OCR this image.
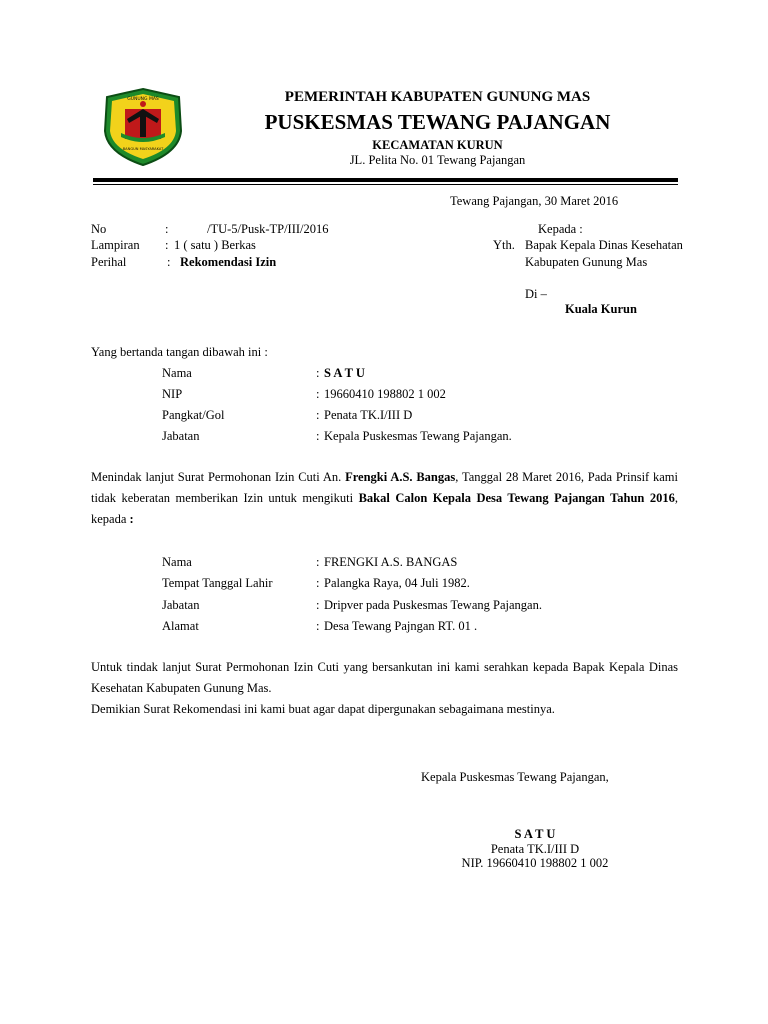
GUNUNG MAS
BANGUN MASYARAKAT
PEMERINTAH KABUPATEN GUNUNG MAS
PUSKESMAS TEWANG PAJANGAN
KECAMATAN KURUN
JL. Pelita No. 01 Tewang Pajangan
Tewang Pajangan, 30 Maret 2016
No	:	/TU-5/Pusk-TP/III/2016
Lampiran : 1 ( satu ) Berkas
Perihal	: Rekomendasi Izin
Kepada :
Yth. Bapak Kepala Dinas Kesehatan
Kabupaten Gunung Mas
Di –
Kuala Kurun
Yang bertanda tangan dibawah ini :
Nama	: S A T U
NIP	: 19660410 198802 1 002
Pangkat/Gol	: Penata TK.I/III D
Jabatan	: Kepala Puskesmas Tewang Pajangan.
Menindak lanjut Surat Permohonan Izin Cuti An. Frengki A.S. Bangas, Tanggal 28 Maret 2016, Pada Prinsif kami tidak keberatan memberikan Izin untuk mengikuti Bakal Calon Kepala Desa Tewang Pajangan Tahun 2016, kepada :
Nama	: FRENGKI A.S. BANGAS
Tempat Tanggal Lahir	: Palangka Raya, 04 Juli 1982.
Jabatan	: Dripver pada Puskesmas Tewang Pajangan.
Alamat	: Desa Tewang Pajngan RT. 01 .
Untuk tindak lanjut Surat Permohonan Izin Cuti yang bersankutan ini kami serahkan kepada Bapak Kepala Dinas Kesehatan Kabupaten Gunung Mas.
Demikian Surat Rekomendasi ini kami buat agar dapat dipergunakan sebagaimana mestinya.
Kepala Puskesmas Tewang Pajangan,
S A T U
Penata TK.I/III D
NIP. 19660410 198802 1 002
